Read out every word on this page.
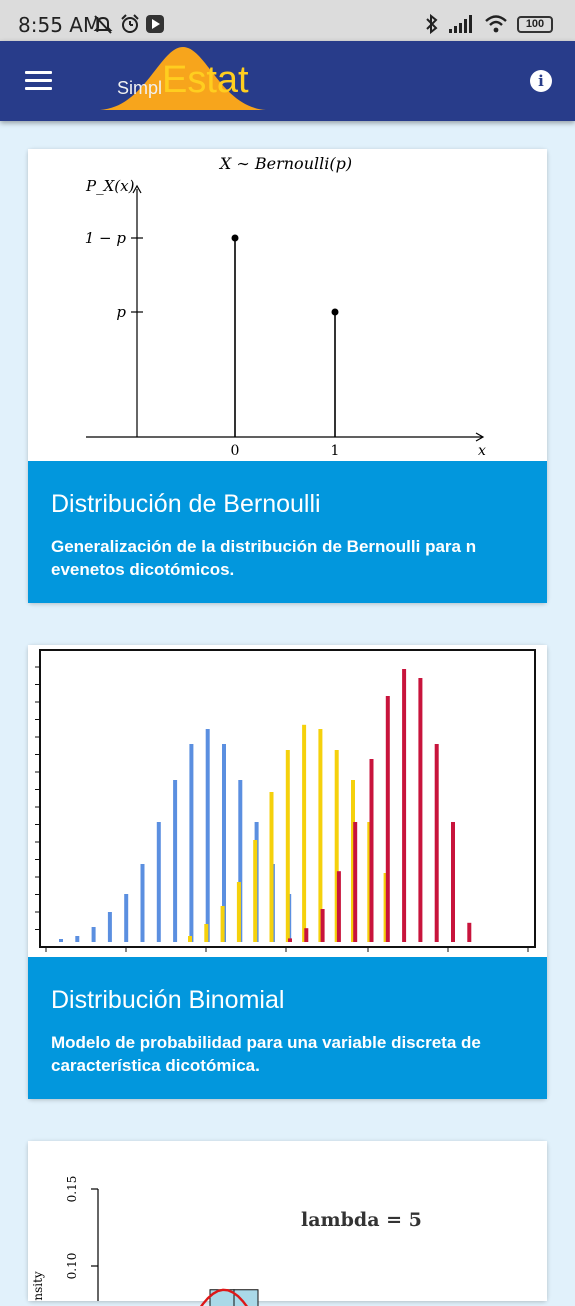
8:55 AM	100
Simpl Estat	i
X ∼ Bernoulli(p)
P_X(x)
1 − p
p
0	1	x
Distribución de Bernoulli
Generalización de la distribución de Bernoulli para n evenetos dicotómicos.
Distribución Binomial
Modelo de probabilidad para una variable discreta de característica dicotómica.
0.15
0.10
nsity
lambda = 5
